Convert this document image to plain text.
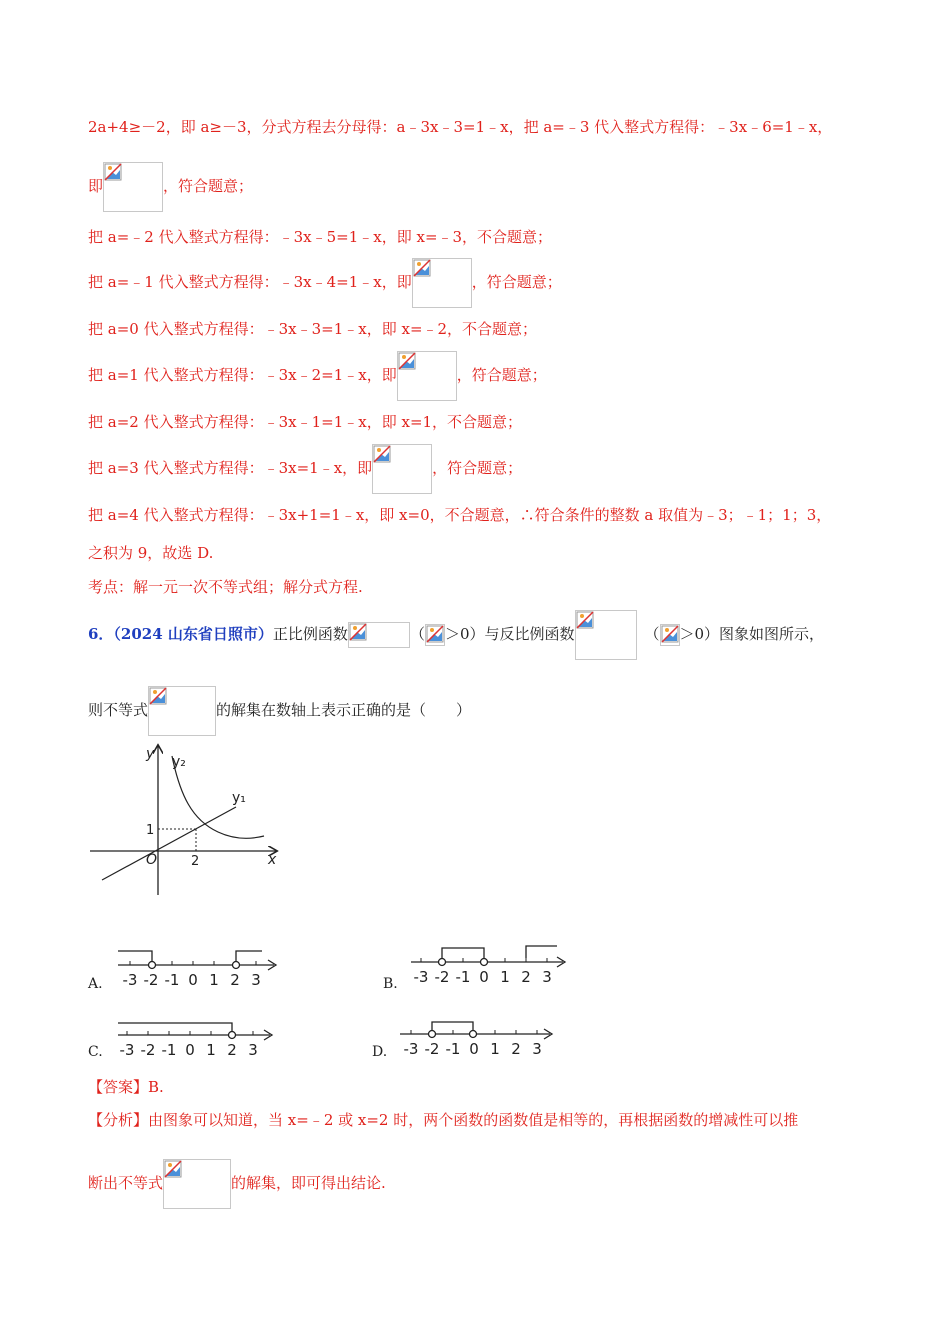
2a+4≥－2，即 a≥－3，分式方程去分母得：a﹣3x﹣3=1﹣x，把 a=﹣3 代入整式方程得：﹣3x﹣6=1﹣x，
即	，符合题意；
把 a=﹣2 代入整式方程得：﹣3x﹣5=1﹣x，即 x=﹣3，不合题意；
把 a=﹣1 代入整式方程得：﹣3x﹣4=1﹣x，即	，符合题意；
把 a=0 代入整式方程得：﹣3x﹣3=1﹣x，即 x=﹣2，不合题意；
把 a=1 代入整式方程得：﹣3x﹣2=1﹣x，即	，符合题意；
把 a=2 代入整式方程得：﹣3x﹣1=1﹣x，即 x=1，不合题意；
把 a=3 代入整式方程得：﹣3x=1﹣x，即	，符合题意；
把 a=4 代入整式方程得：﹣3x+1=1﹣x，即 x=0，不合题意，∴符合条件的整数 a 取值为﹣3；﹣1；1；3，
之积为 9，故选 D.
考点：解一元一次不等式组；解分式方程.
6．（2024 山东省日照市）正比例函数	（ ＞0）与反比例函数	（ ＞0）图象如图所示，
则不等式	的解集在数轴上表示正确的是（　　）
y y₂
y₁
x
O
1
2
A. -3 -2 -1 0 1 2 3	B. -3 -2 -1 0 1 2 3
C. -3 -2 -1 0 1 2 3	D. -3 -2 -1 0 1 2 3
【答案】B.
【分析】由图象可以知道，当 x=﹣2 或 x=2 时，两个函数的函数值是相等的，再根据函数的增减性可以推
断出不等式	的解集，即可得出结论.
